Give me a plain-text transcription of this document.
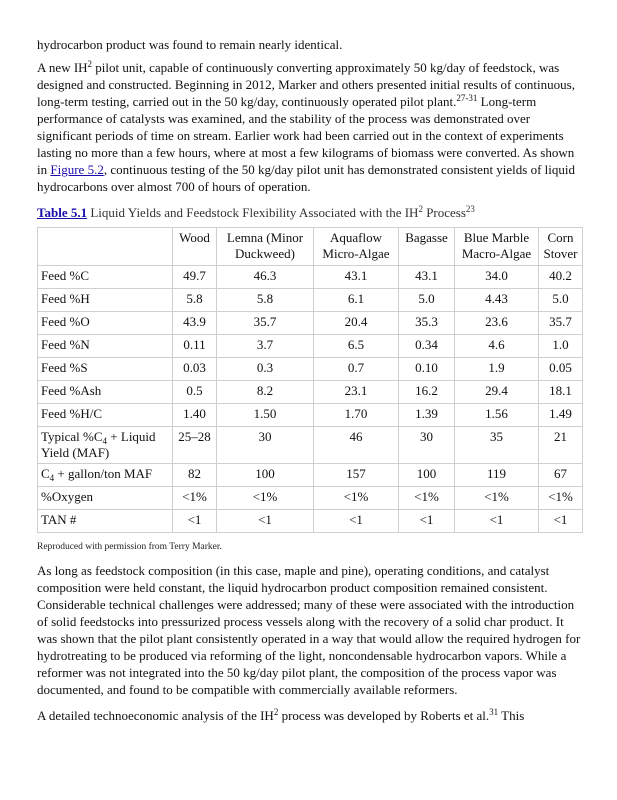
hydrocarbon product was found to remain nearly identical.

A new $IH^2$ pilot unit, capable of continuously converting approximately 50 kg/day of feedstock, was designed and constructed. Beginning in 2012, Marker and others presented initial results of continuous, long-term testing, carried out in the 50 kg/day, continuously operated pilot plant.$^{27-31}$ Long-term performance of catalysts was examined, and the stability of the process was demonstrated over significant periods of time on stream. Earlier work had been carried out in the context of experiments lasting no more than a few hours, where at most a few kilograms of biomass were converted. As shown in Figure 5.2, continuous testing of the 50 kg/day pilot unit has demonstrated consistent yields of liquid hydrocarbons over almost 700 of hours of operation.

Table 5.1 Liquid Yields and Feedstock Flexibility Associated with the $IH^2$ Process$^{23}$

	Wood	Lemna (Minor Duckweed)	Aquaflow Micro-Algae	Bagasse	Blue Marble Macro-Algae	Corn Stover
Feed %C	49.7	46.3	43.1	43.1	34.0	40.2
Feed %H	5.8	5.8	6.1	5.0	4.43	5.0
Feed %O	43.9	35.7	20.4	35.3	23.6	35.7
Feed %N	0.11	3.7	6.5	0.34	4.6	1.0
Feed %S	0.03	0.3	0.7	0.10	1.9	0.05
Feed %Ash	0.5	8.2	23.1	16.2	29.4	18.1
Feed %H/C	1.40	1.50	1.70	1.39	1.56	1.49
Typical $\%C_4$ + Liquid Yield (MAF)	25–28	30	46	30	35	21
$C_4$ + gallon/ton MAF	82	100	157	100	119	67
%Oxygen	<1%	<1%	<1%	<1%	<1%	<1%
TAN #	<1	<1	<1	<1	<1	<1

Reproduced with permission from Terry Marker.

As long as feedstock composition (in this case, maple and pine), operating conditions, and catalyst composition were held constant, the liquid hydrocarbon product composition remained consistent. Considerable technical challenges were addressed; many of these were associated with the introduction of solid feedstocks into pressurized process vessels along with the recovery of a solid char product. It was shown that the pilot plant consistently operated in a way that would allow the required hydrogen for hydrotreating to be produced via reforming of the light, noncondensable hydrocarbon vapors. While a reformer was not integrated into the 50 kg/day pilot plant, the composition of the process vapor was documented, and found to be compatible with commercially available reformers.

A detailed technoeconomic analysis of the $IH^2$ process was developed by Roberts et al.$^{31}$ This
